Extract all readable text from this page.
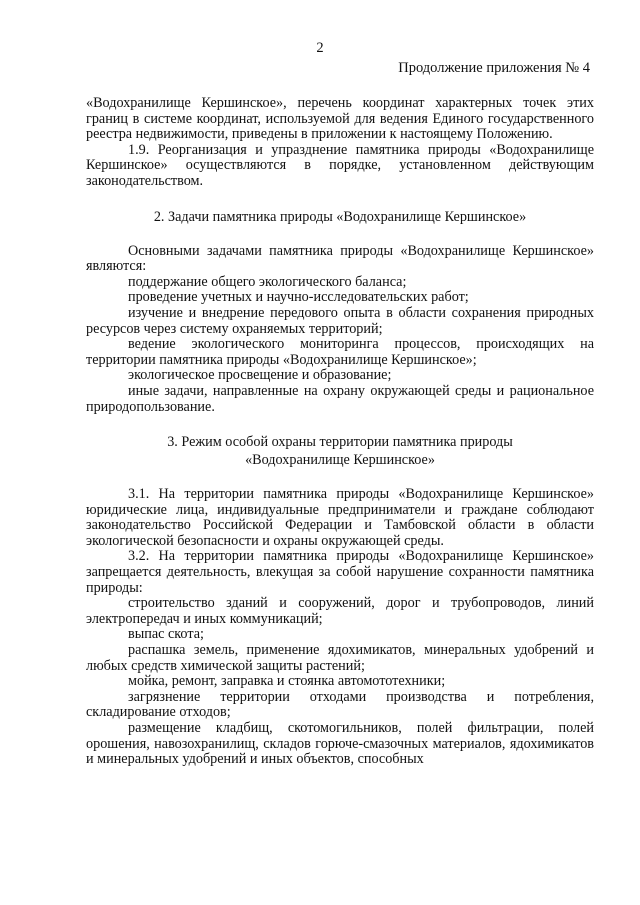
2
Продолжение приложения № 4

«Водохранилище Кершинское», перечень координат характерных точек этих границ в системе координат, используемой для ведения Единого государственного реестра недвижимости, приведены в приложении к настоящему Положению.

1.9. Реорганизация и упразднение памятника природы «Водохранилище Кершинское» осуществляются в порядке, установленном действующим законодательством.

2. Задачи памятника природы «Водохранилище Кершинское»

Основными задачами памятника природы «Водохранилище Кершинское» являются:

поддержание общего экологического баланса;

проведение учетных и научно-исследовательских работ;

изучение и внедрение передового опыта в области сохранения природных ресурсов через систему охраняемых территорий;

ведение экологического мониторинга процессов, происходящих на территории памятника природы «Водохранилище Кершинское»;

экологическое просвещение и образование;

иные задачи, направленные на охрану окружающей среды и рациональное природопользование.

3. Режим особой охраны территории памятника природы
«Водохранилище Кершинское»

3.1. На территории памятника природы «Водохранилище Кершинское» юридические лица, индивидуальные предприниматели и граждане соблюдают законодательство Российской Федерации и Тамбовской области в области экологической безопасности и охраны окружающей среды.

3.2. На территории памятника природы «Водохранилище Кершинское» запрещается деятельность, влекущая за собой нарушение сохранности памятника природы:

строительство зданий и сооружений, дорог и трубопроводов, линий электропередач и иных коммуникаций;

выпас скота;

распашка земель, применение ядохимикатов, минеральных удобрений и любых средств химической защиты растений;

мойка, ремонт, заправка и стоянка автомототехники;

загрязнение территории отходами производства и потребления, складирование отходов;

размещение кладбищ, скотомогильников, полей фильтрации, полей орошения, навозохранилищ, складов горюче-смазочных материалов, ядохимикатов и минеральных удобрений и иных объектов, способных
